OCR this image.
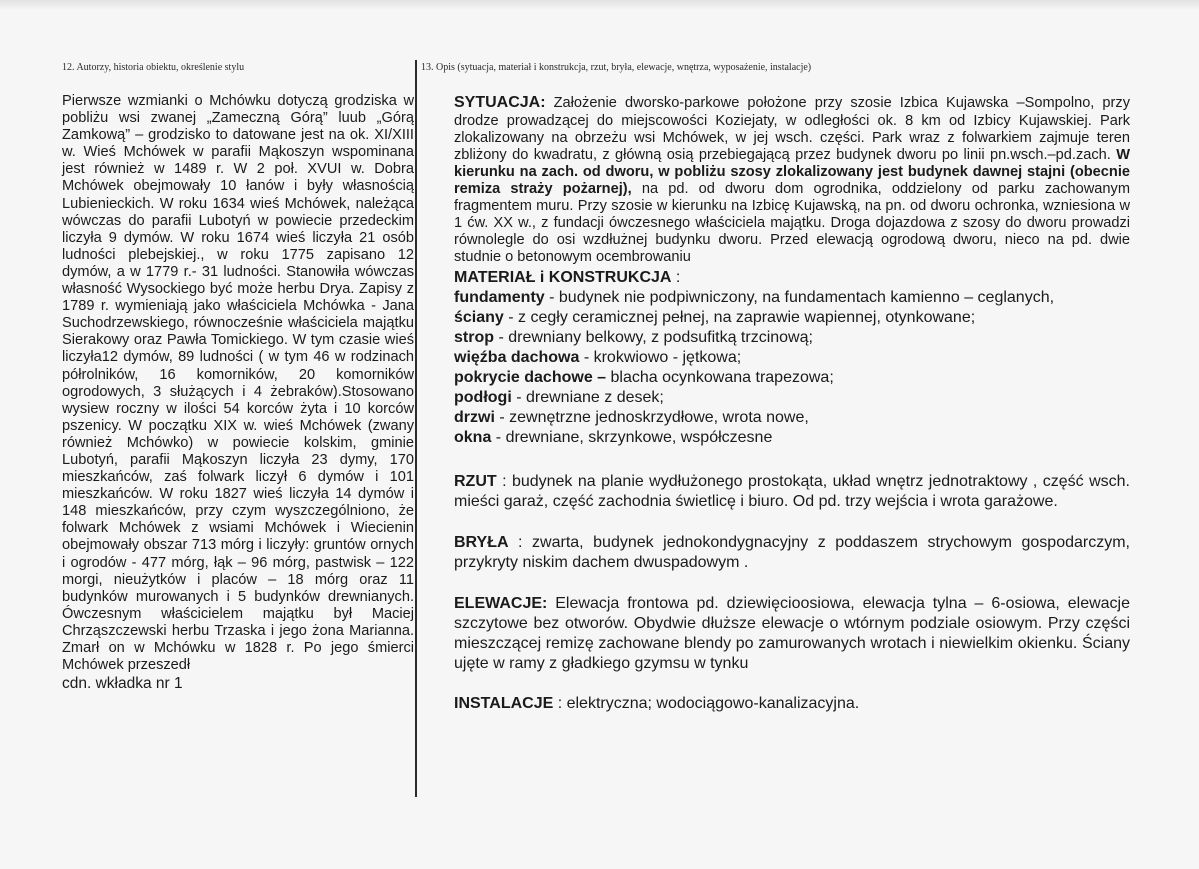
12. Autorzy, historia obiektu, określenie stylu	13. Opis (sytuacja, materiał i konstrukcja, rzut, bryła, elewacje, wnętrza, wyposażenie, instalacje)

Pierwsze wzmianki o Mchówku dotyczą grodziska w pobliżu wsi zwanej „Zameczną Górą” luub „Górą Zamkową” – grodzisko to datowane jest na ok. XI/XIII w. Wieś Mchówek w parafii Mąkoszyn wspominana jest również w 1489 r. W 2 poł. XVUI w. Dobra Mchówek obejmowały 10 łanów i były własnością Lubienieckich. W roku 1634 wieś Mchówek, należąca wówczas do parafii Lubotyń w powiecie przedeckim liczyła 9 dymów. W roku 1674 wieś liczyła 21 osób ludności plebejskiej., w roku 1775 zapisano 12 dymów, a w 1779 r.- 31 ludności. Stanowiła wówczas własność Wysockiego być może herbu Drya. Zapisy z 1789 r. wymieniają jako właściciela Mchówka - Jana Suchodrzewskiego, równocześnie właściciela majątku Sierakowy oraz Pawła Tomickiego. W tym czasie wieś liczyła12 dymów, 89 ludności ( w tym 46 w rodzinach półrolników, 16 komorników, 20 komorników ogrodowych, 3 służących i 4 żebraków).Stosowano wysiew roczny w ilości 54 korców żyta i 10 korców pszenicy. W początku XIX w. wieś Mchówek (zwany również Mchówko) w powiecie kolskim, gminie Lubotyń, parafii Mąkoszyn liczyła 23 dymy, 170 mieszkańców, zaś folwark liczył 6 dymów i 101 mieszkańców. W roku 1827 wieś liczyła 14 dymów i 148 mieszkańców, przy czym wyszczególniono, że folwark Mchówek z wsiami Mchówek i Wiecienin obejmowały obszar 713 mórg i liczyły: gruntów ornych i ogrodów - 477 mórg, łąk – 96 mórg, pastwisk – 122 morgi, nieużytków i placów – 18 mórg oraz 11 budynków murowanych i 5 budynków drewnianych. Ówczesnym właścicielem majątku był Maciej Chrząszczewski herbu Trzaska i jego żona Marianna. Zmarł on w Mchówku w 1828 r. Po jego śmierci Mchówek przeszedł

cdn. wkładka nr 1

SYTUACJA: Założenie dworsko-parkowe położone przy szosie Izbica Kujawska –Sompolno, przy drodze prowadzącej do miejscowości Koziejaty, w odległości ok. 8 km od Izbicy Kujawskiej. Park zlokalizowany na obrzeżu wsi Mchówek, w jej wsch. części. Park wraz z folwarkiem zajmuje teren zbliżony do kwadratu, z główną osią przebiegającą przez budynek dworu po linii pn.wsch.–pd.zach. W kierunku na zach. od dworu, w pobliżu szosy zlokalizowany jest budynek dawnej stajni (obecnie remiza straży pożarnej), na pd. od dworu dom ogrodnika, oddzielony od parku zachowanym fragmentem muru. Przy szosie w kierunku na Izbicę Kujawską, na pn. od dworu ochronka, wzniesiona w 1 ćw. XX w., z fundacji ówczesnego właściciela majątku. Droga dojazdowa z szosy do dworu prowadzi równolegle do osi wzdłużnej budynku dworu. Przed elewacją ogrodową dworu, nieco na pd. dwie studnie o betonowym ocembrowaniu

MATERIAŁ i KONSTRUKCJA :

fundamenty - budynek nie podpiwniczony, na fundamentach kamienno – ceglanych,

ściany - z cegły ceramicznej pełnej, na zaprawie wapiennej, otynkowane;

strop - drewniany belkowy, z podsufitką trzcinową;

więźba dachowa - krokwiowo - jętkowa;

pokrycie dachowe – blacha ocynkowana trapezowa;

podłogi - drewniane z desek;

drzwi - zewnętrzne jednoskrzydłowe, wrota nowe,

okna - drewniane, skrzynkowe, współczesne

RZUT : budynek na planie wydłużonego prostokąta, układ wnętrz jednotraktowy , część wsch. mieści garaż, część zachodnia świetlicę i biuro. Od pd. trzy wejścia i wrota garażowe.

BRYŁA : zwarta, budynek jednokondygnacyjny z poddaszem strychowym gospodarczym, przykryty niskim dachem dwuspadowym .

ELEWACJE: Elewacja frontowa pd. dziewięcioosiowa, elewacja tylna – 6-osiowa, elewacje szczytowe bez otworów. Obydwie dłuższe elewacje o wtórnym podziale osiowym. Przy części mieszczącej remizę zachowane blendy po zamurowanych wrotach i niewielkim okienku. Ściany ujęte w ramy z gładkiego gzymsu w tynku

INSTALACJE : elektryczna; wodociągowo-kanalizacyjna.
